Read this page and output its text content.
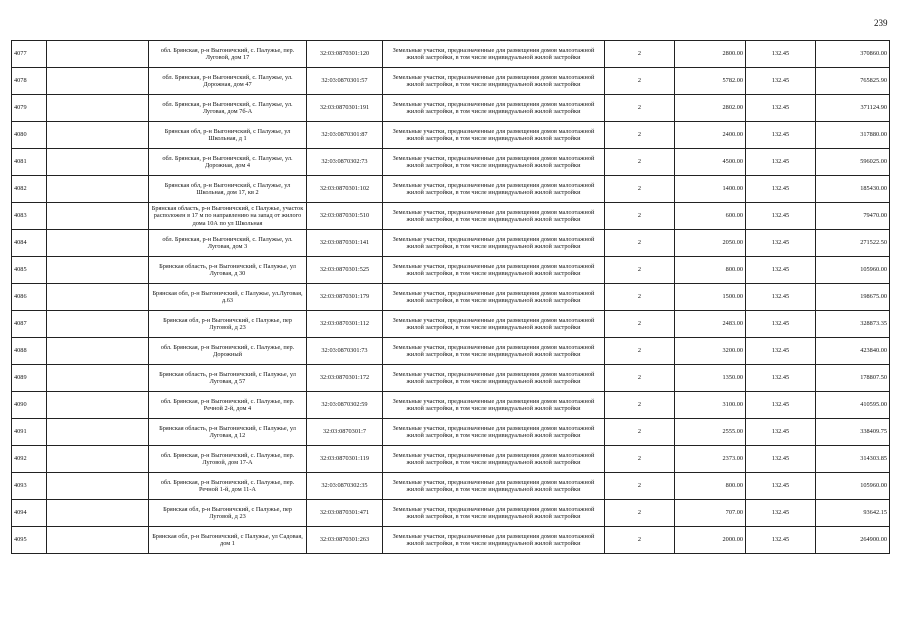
239
4077		обл. Брянская, р-н Выгоничский, с. Палужье, пер. Луговой, дом 17	32:03:0870301:120	Земельные участки, предназначенные для размещения домов малоэтажной жилой застройки, в том числе индивидуальной жилой застройки	2	2800.00	132.45	370860.00
4078		обл. Брянская, р-н Выгоничский, с. Палужье, ул. Дорожная, дом 47	32:03:0870301:57	Земельные участки, предназначенные для размещения домов малоэтажной жилой застройки, в том числе индивидуальной жилой застройки	2	5782.00	132.45	765825.90
4079		обл. Брянская, р-н Выгоничский, с. Палужье, ул. Луговая, дом 7б-А	32:03:0870301:191	Земельные участки, предназначенные для размещения домов малоэтажной жилой застройки, в том числе индивидуальной жилой застройки	2	2802.00	132.45	371124.90
4080		Брянская обл, р-н Выгоничский, с Палужье, ул Школьная, д 1	32:03:0870301:87	Земельные участки, предназначенные для размещения домов малоэтажной жилой застройки, в том числе индивидуальной жилой застройки	2	2400.00	132.45	317880.00
4081		обл. Брянская, р-н Выгоничский, с. Палужье, ул. Дорожная, дом 4	32:03:0870302:73	Земельные участки, предназначенные для размещения домов малоэтажной жилой застройки, в том числе индивидуальной жилой застройки	2	4500.00	132.45	596025.00
4082		Брянская обл, р-н Выгоничский, с Палужье, ул Школьная, дом 17, кв 2	32:03:0870301:102	Земельные участки, предназначенные для размещения домов малоэтажной жилой застройки, в том числе индивидуальной жилой застройки	2	1400.00	132.45	185430.00
4083		Брянская область, р-н Выгоничский, с Палужье, участок расположен в 17 м по направлению на запад от жилого дома 10А по ул Школьная	32:03:0870301:510	Земельные участки, предназначенные для размещения домов малоэтажной жилой застройки, в том числе индивидуальной жилой застройки	2	600.00	132.45	79470.00
4084		обл. Брянская, р-н Выгоничский, с. Палужье, ул. Луговая, дом 3	32:03:0870301:141	Земельные участки, предназначенные для размещения домов малоэтажной жилой застройки, в том числе индивидуальной жилой застройки	2	2050.00	132.45	271522.50
4085		Брянская область, р-н Выгоничский, с Палужье, ул Луговая, д 30	32:03:0870301:525	Земельные участки, предназначенные для размещения домов малоэтажной жилой застройки, в том числе индивидуальной жилой застройки	2	800.00	132.45	105960.00
4086		Брянская обл, р-н Выгоничский, с Палужье, ул.Луговая, д.63	32:03:0870301:179	Земельные участки, предназначенные для размещения домов малоэтажной жилой застройки, в том числе индивидуальной жилой застройки	2	1500.00	132.45	198675.00
4087		Брянская обл, р-н Выгоничский, с Палужье, пер Луговой, д 23	32:03:0870301:112	Земельные участки, предназначенные для размещения домов малоэтажной жилой застройки, в том числе индивидуальной жилой застройки	2	2483.00	132.45	328873.35
4088		обл. Брянская, р-н Выгоничский, с. Палужье, пер. Дорожный	32:03:0870301:73	Земельные участки, предназначенные для размещения домов малоэтажной жилой застройки, в том числе индивидуальной жилой застройки	2	3200.00	132.45	423840.00
4089		Брянская область, р-н Выгоничский, с Палужье, ул Луговая, д 57	32:03:0870301:172	Земельные участки, предназначенные для размещения домов малоэтажной жилой застройки, в том числе индивидуальной жилой застройки	2	1350.00	132.45	178807.50
4090		обл. Брянская, р-н Выгоничский, с. Палужье, пер. Речной 2-й, дом 4	32:03:0870302:59	Земельные участки, предназначенные для размещения домов малоэтажной жилой застройки, в том числе индивидуальной жилой застройки	2	3100.00	132.45	410595.00
4091		Брянская область, р-н Выгоничский, с Палужье, ул Луговая, д 12	32:03:0870301:7	Земельные участки, предназначенные для размещения домов малоэтажной жилой застройки, в том числе индивидуальной жилой застройки	2	2555.00	132.45	338409.75
4092		обл. Брянская, р-н Выгоничский, с. Палужье, пер. Луговой, дом 17-А	32:03:0870301:119	Земельные участки, предназначенные для размещения домов малоэтажной жилой застройки, в том числе индивидуальной жилой застройки	2	2373.00	132.45	314303.85
4093		обл. Брянская, р-н Выгоничский, с. Палужье, пер. Речной 1-й, дом 11-А	32:03:0870302:35	Земельные участки, предназначенные для размещения домов малоэтажной жилой застройки, в том числе индивидуальной жилой застройки	2	800.00	132.45	105960.00
4094		Брянская обл, р-н Выгоничский, с Палужье, пер Луговой, д 23	32:03:0870301:471	Земельные участки, предназначенные для размещения домов малоэтажной жилой застройки, в том числе индивидуальной жилой застройки	2	707.00	132.45	93642.15
4095		Брянская обл, р-н Выгоничский, с Палужье, ул Садовая, дом 1	32:03:0870301:263	Земельные участки, предназначенные для размещения домов малоэтажной жилой застройки, в том числе индивидуальной жилой застройки	2	2000.00	132.45	264900.00
